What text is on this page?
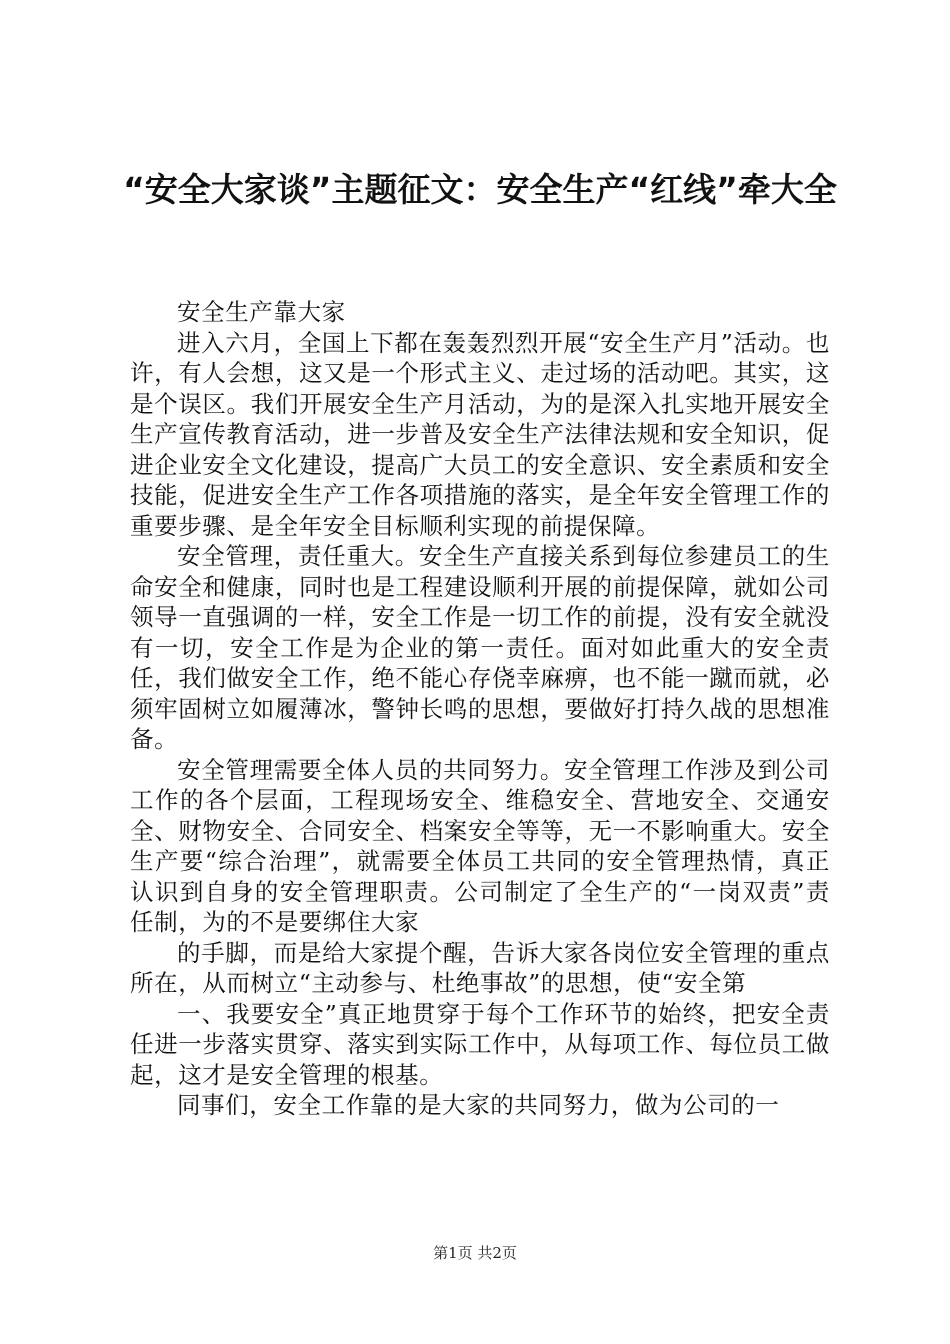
“安全大家谈”主题征文：安全生产“红线”牵大全

安全生产靠大家

进入六月，全国上下都在轰轰烈烈开展“安全生产月”活动。也许，有人会想，这又是一个形式主义、走过场的活动吧。其实，这是个误区。我们开展安全生产月活动，为的是深入扎实地开展安全生产宣传教育活动，进一步普及安全生产法律法规和安全知识，促进企业安全文化建设，提高广大员工的安全意识、安全素质和安全技能，促进安全生产工作各项措施的落实，是全年安全管理工作的重要步骤、是全年安全目标顺利实现的前提保障。

安全管理，责任重大。安全生产直接关系到每位参建员工的生命安全和健康，同时也是工程建设顺利开展的前提保障，就如公司领导一直强调的一样，安全工作是一切工作的前提，没有安全就没有一切，安全工作是为企业的第一责任。面对如此重大的安全责任，我们做安全工作，绝不能心存侥幸麻痹，也不能一蹴而就，必须牢固树立如履薄冰，警钟长鸣的思想，要做好打持久战的思想准备。

安全管理需要全体人员的共同努力。安全管理工作涉及到公司工作的各个层面，工程现场安全、维稳安全、营地安全、交通安全、财物安全、合同安全、档案安全等等，无一不影响重大。安全生产要“综合治理”，就需要全体员工共同的安全管理热情，真正认识到自身的安全管理职责。公司制定了全生产的“一岗双责”责任制，为的不是要绑住大家

的手脚，而是给大家提个醒，告诉大家各岗位安全管理的重点所在，从而树立“主动参与、杜绝事故”的思想，使“安全第

一、我要安全”真正地贯穿于每个工作环节的始终，把安全责任进一步落实贯穿、落实到实际工作中，从每项工作、每位员工做起，这才是安全管理的根基。

同事们，安全工作靠的是大家的共同努力，做为公司的一

第1页 共2页
